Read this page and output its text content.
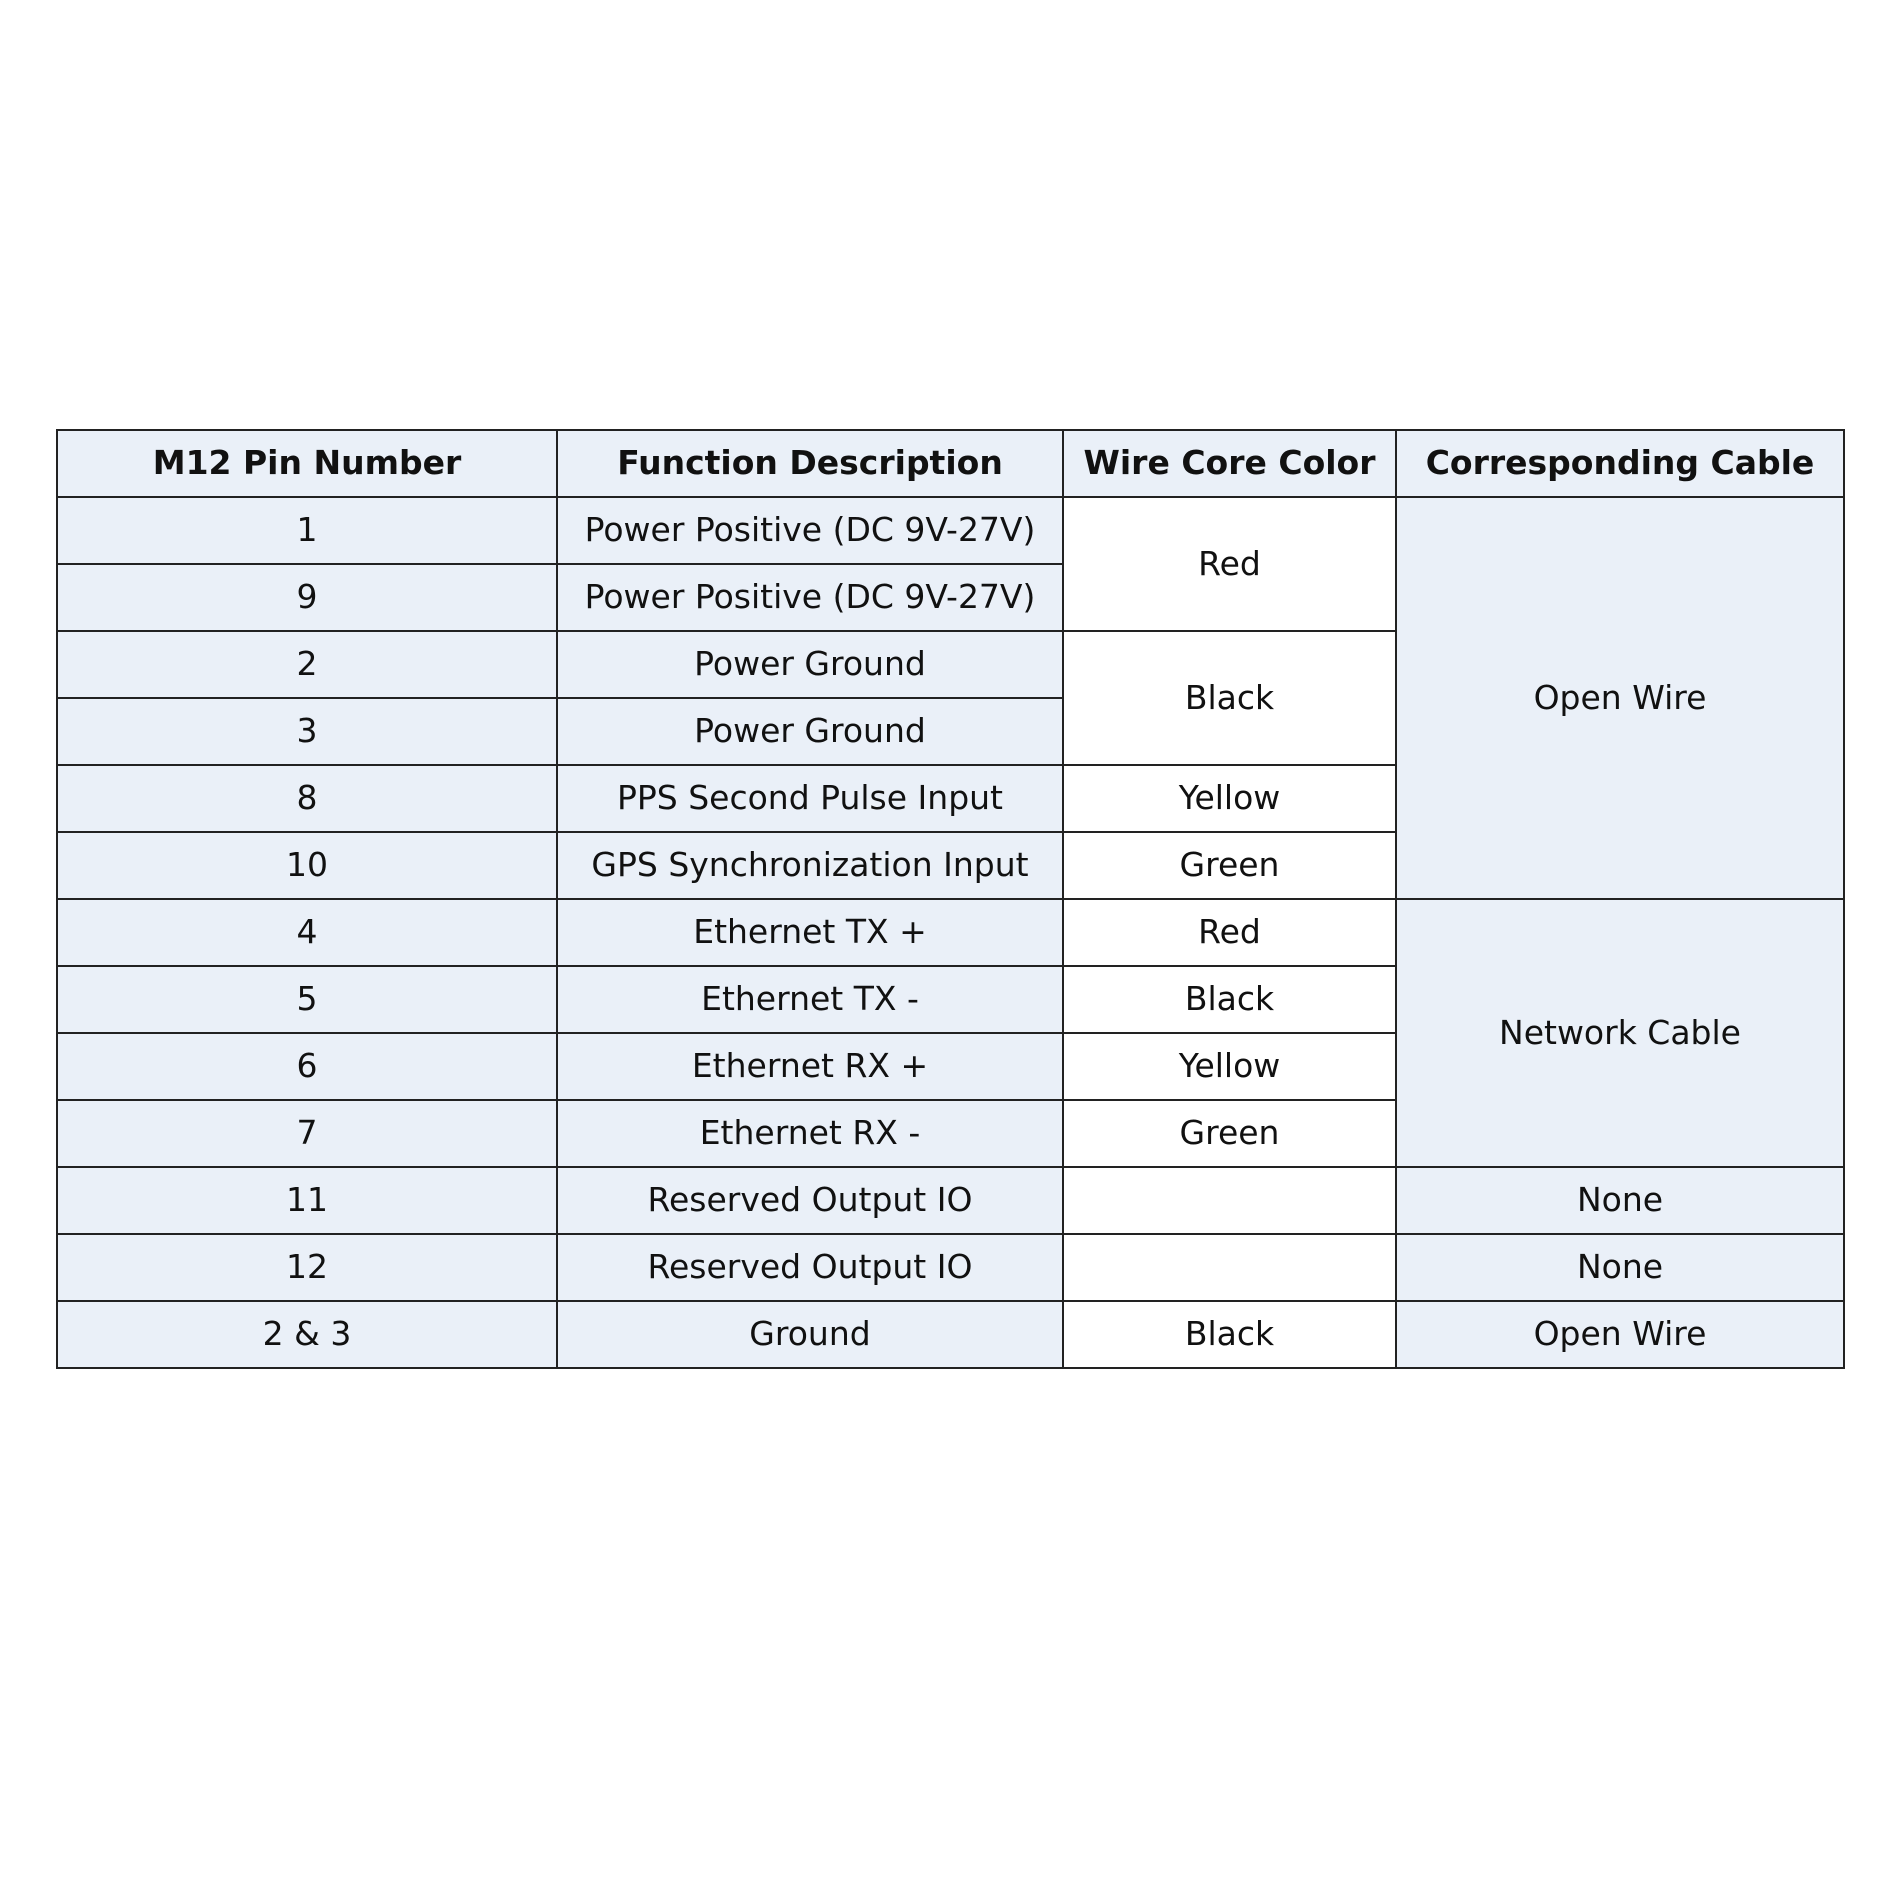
M12 Pin Number	Function Description	Wire Core Color	Corresponding Cable
1	Power Positive (DC 9V-27V)	Red	Open Wire
9	Power Positive (DC 9V-27V)		
2	Power Ground	Black	
3	Power Ground		
8	PPS Second Pulse Input	Yellow	
10	GPS Synchronization Input	Green	
4	Ethernet TX +	Red	Network Cable
5	Ethernet TX -	Black	
6	Ethernet RX +	Yellow	
7	Ethernet RX -	Green	
11	Reserved Output IO		None
12	Reserved Output IO		None
2 & 3	Ground	Black	Open Wire
